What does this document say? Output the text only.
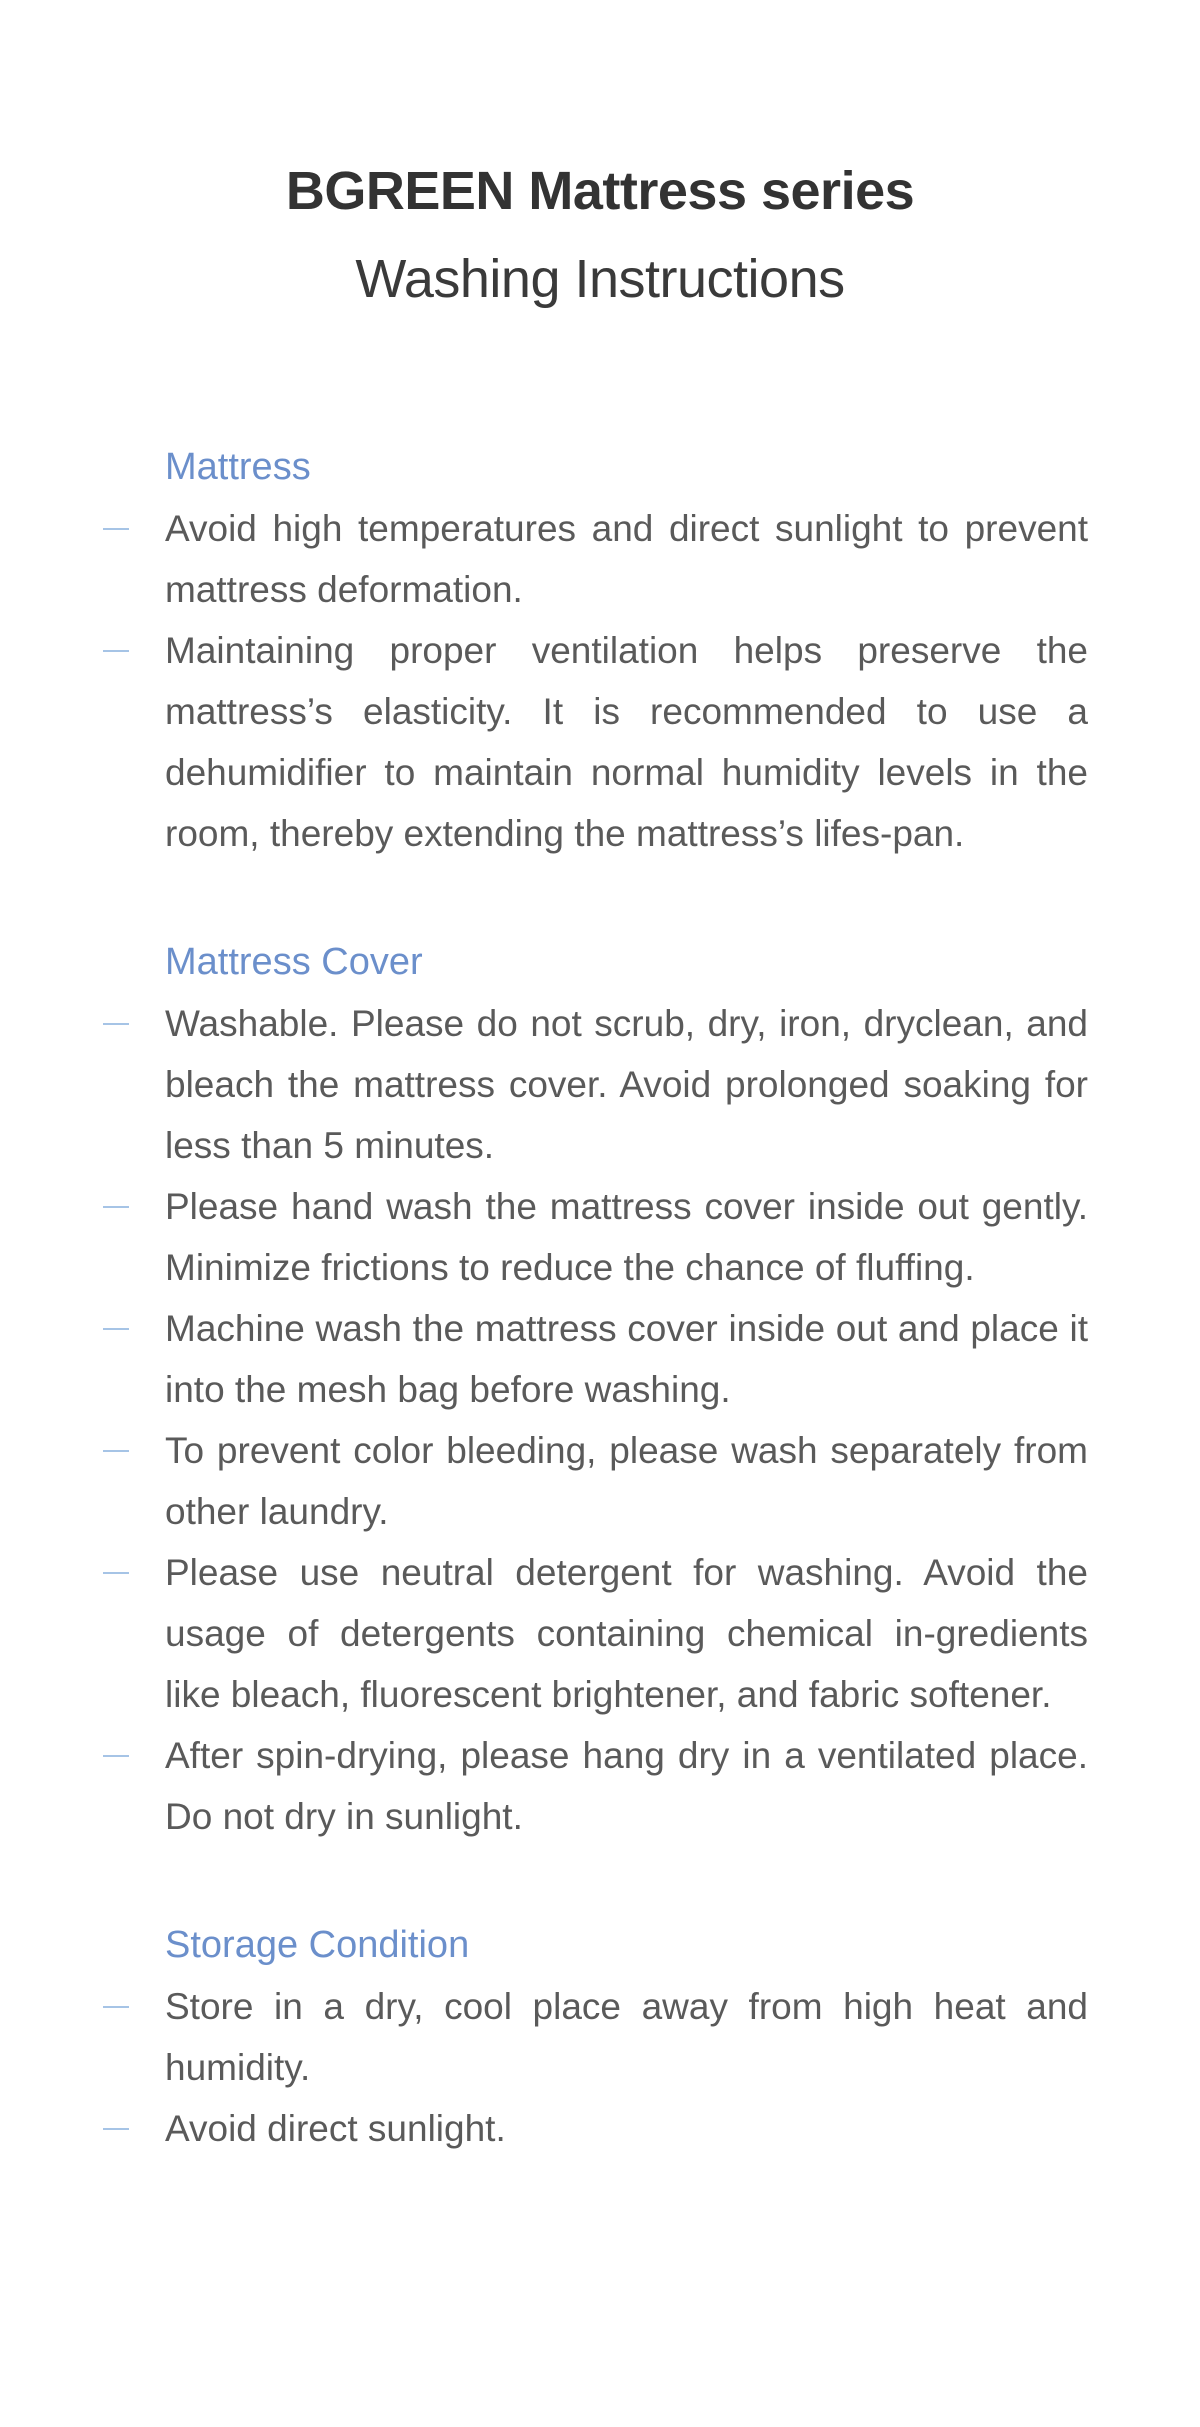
BGREEN Mattress series
Washing Instructions
Mattress

Avoid high temperatures and direct sunlight to prevent mattress deformation.

Maintaining proper ventilation helps preserve the mattress’s elasticity. It is recommended to use a dehumidifier to maintain normal humidity levels in the room, thereby extending the mattress’s lifes-pan.

Mattress Cover

Washable. Please do not scrub, dry, iron, dryclean, and bleach the mattress cover. Avoid prolonged soaking for less than 5 minutes.

Please hand wash the mattress cover inside out gently. Minimize frictions to reduce the chance of fluffing.

Machine wash the mattress cover inside out and place it into the mesh bag before washing.

To prevent color bleeding, please wash separately from other laundry.

Please use neutral detergent for washing. Avoid the usage of detergents containing chemical in-gredients like bleach, fluorescent brightener, and fabric softener.

After spin-drying, please hang dry in a ventilated place. Do not dry in sunlight.

Storage Condition

Store in a dry, cool place away from high heat and humidity.

Avoid direct sunlight.
